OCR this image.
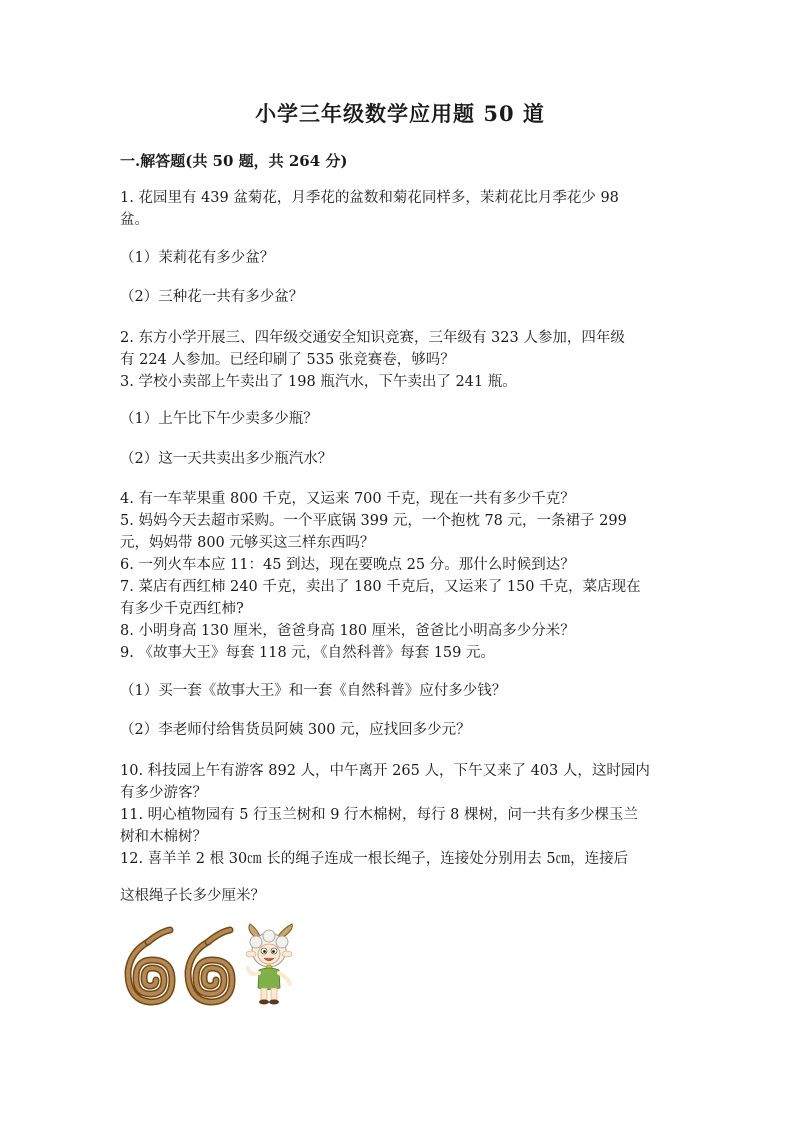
小学三年级数学应用题 50 道
一.解答题(共 50 题，共 264 分)
1. 花园里有 439 盆菊花，月季花的盆数和菊花同样多，茉莉花比月季花少 98
盆。
（1）茉莉花有多少盆？
（2）三种花一共有多少盆？
2. 东方小学开展三、四年级交通安全知识竞赛，三年级有 323 人参加，四年级
有 224 人参加。已经印刷了 535 张竞赛卷，够吗？
3. 学校小卖部上午卖出了 198 瓶汽水，下午卖出了 241 瓶。
（1）上午比下午少卖多少瓶？
（2）这一天共卖出多少瓶汽水？
4. 有一车苹果重 800 千克，又运来 700 千克，现在一共有多少千克？
5. 妈妈今天去超市采购。一个平底锅 399 元，一个抱枕 78 元，一条裙子 299
元，妈妈带 800 元够买这三样东西吗？
6. 一列火车本应 11：45 到达，现在要晚点 25 分。那什么时候到达？
7. 菜店有西红柿 240 千克，卖出了 180 千克后，又运来了 150 千克，菜店现在
有多少千克西红柿?
8. 小明身高 130 厘米，爸爸身高 180 厘米，爸爸比小明高多少分米？
9. 《故事大王》每套 118 元，《自然科普》每套 159 元。
（1）买一套《故事大王》和一套《自然科普》应付多少钱？
（2）李老师付给售货员阿姨 300 元，应找回多少元？
10. 科技园上午有游客 892 人，中午离开 265 人，下午又来了 403 人，这时园内
有多少游客？
11. 明心植物园有 5 行玉兰树和 9 行木棉树，每行 8 棵树，问一共有多少棵玉兰
树和木棉树？
12. 喜羊羊 2 根 30㎝ 长的绳子连成一根长绳子，连接处分别用去 5㎝，连接后
这根绳子长多少厘米？
